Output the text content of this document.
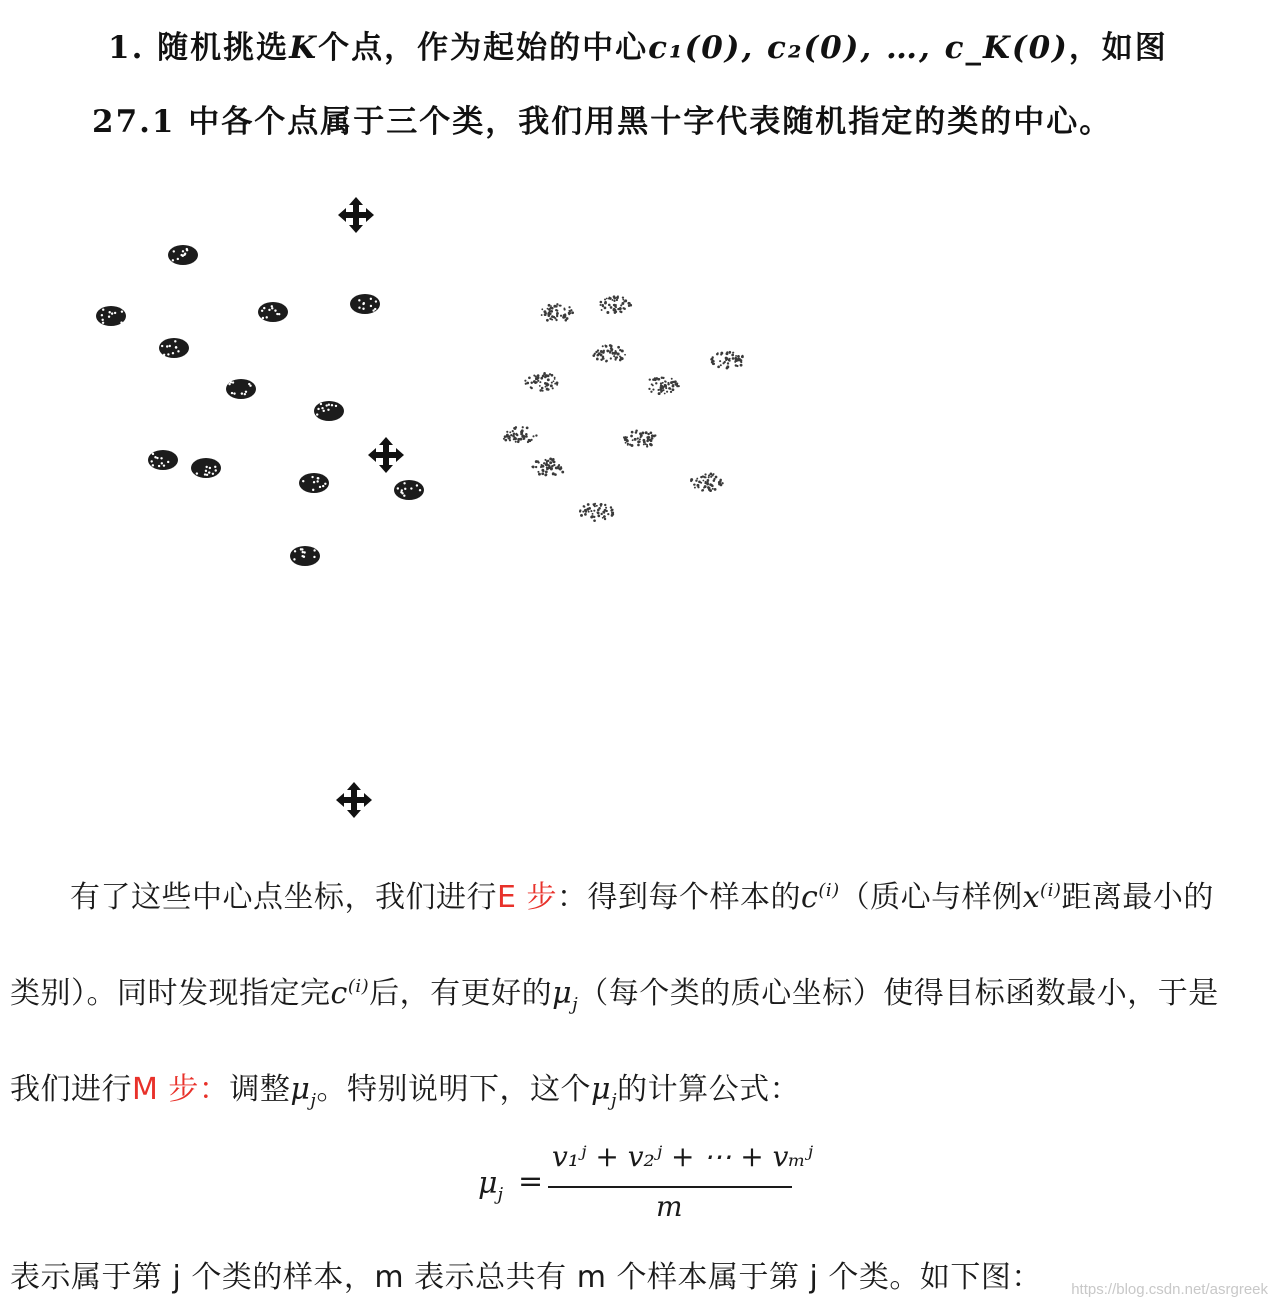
1. 随机挑选K个点，作为起始的中心c₁(0), c₂(0), …, c_K(0)，如图
27.1 中各个点属于三个类，我们用黑十字代表随机指定的类的中心。
有了这些中心点坐标，我们进行E 步：得到每个样本的$c^{(i)}$（质心与样例$x^{(i)}$距离最小的
类别）。同时发现指定完$c^{(i)}$后，有更好的$\mu_j$（每个类的质心坐标）使得目标函数最小，于是
我们进行M 步：调整$\mu_j$。特别说明下，这个$\mu_j$的计算公式：
$\mu_j$ =
v₁ʲ + v₂ʲ + ⋯ + vₘʲ
m
表示属于第 j 个类的样本，m 表示总共有 m 个样本属于第 j 个类。如下图： https://blog.csdn.net/asrgreek
